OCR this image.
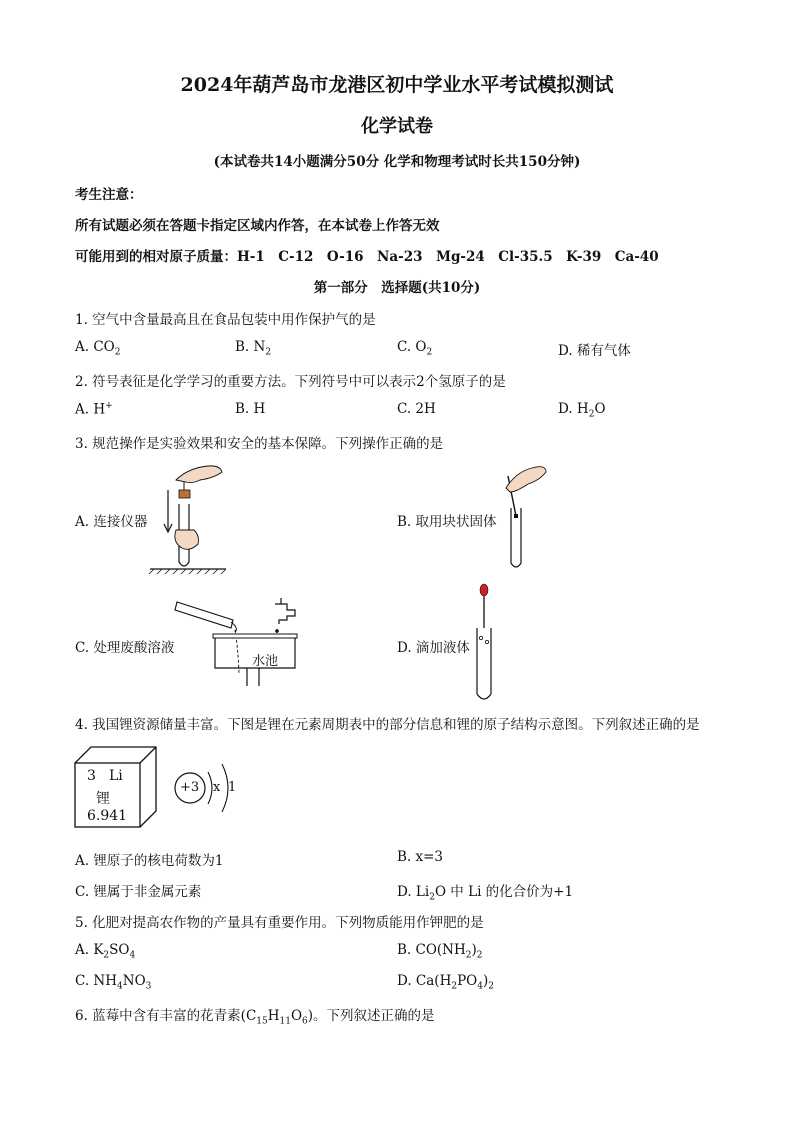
2024年葫芦岛市龙港区初中学业水平考试模拟测试
化学试卷
(本试卷共14小题满分50分 化学和物理考试时长共150分钟)
考生注意：
所有试题必须在答题卡指定区域内作答，在本试卷上作答无效
可能用到的相对原子质量：H-1　C-12　O-16　Na-23　Mg-24　Cl-35.5　K-39　Ca-40
第一部分　选择题(共10分)
1. 空气中含量最高且在食品包装中用作保护气的是
A. $CO_2$	B. $N_2$	C. $O_2$	D. 稀有气体
2. 符号表征是化学学习的重要方法。下列符号中可以表示2个氢原子的是
A. H+	B. H	C. 2H	D. $H_2O$
3. 规范操作是实验效果和安全的基本保障。下列操作正确的是
A. 连接仪器	B. 取用块状固体
C. 处理废酸溶液
水池
D. 滴加液体
4. 我国锂资源储量丰富。下图是锂在元素周期表中的部分信息和锂的原子结构示意图。下列叙述正确的是
3 Li
锂
6.941
+3 x 1
A. 锂原子的核电荷数为1	B. x=3
C. 锂属于非金属元素	D. $Li_2O$ 中 Li 的化合价为+1
5. 化肥对提高农作物的产量具有重要作用。下列物质能用作钾肥的是
A. $K_2SO_4$	B. $CO(NH_2)_2$
C. $NH_4NO_3$	D. $Ca(H_2PO_4)_2$
6. 蓝莓中含有丰富的花青素$(C_{15}H_{11}O_6)$。下列叙述正确的是
